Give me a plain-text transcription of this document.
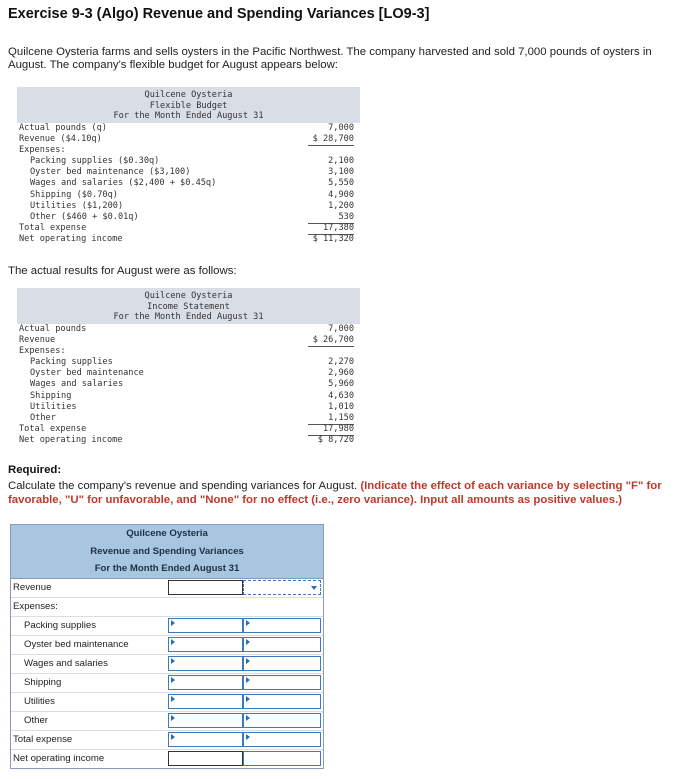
Exercise 9-3 (Algo) Revenue and Spending Variances [LO9-3]
Quilcene Oysteria farms and sells oysters in the Pacific Northwest. The company harvested and sold 7,000 pounds of oysters in August. The company's flexible budget for August appears below:
Quilcene Oysteria
Flexible Budget
For the Month Ended August 31
Actual pounds (q)	7,000
Revenue ($4.10q)	$ 28,700
Expenses:
Packing supplies ($0.30q)	2,100
Oyster bed maintenance ($3,100)	3,100
Wages and salaries ($2,400 + $0.45q)	5,550
Shipping ($0.70q)	4,900
Utilities ($1,200)	1,200
Other ($460 + $0.01q)	530
Total expense	17,380
Net operating income	$ 11,320
The actual results for August were as follows:
Quilcene Oysteria
Income Statement
For the Month Ended August 31
Actual pounds	7,000
Revenue	$ 26,700
Expenses:
Packing supplies	2,270
Oyster bed maintenance	2,960
Wages and salaries	5,960
Shipping	4,630
Utilities	1,010
Other	1,150
Total expense	17,980
Net operating income	$ 8,720
Required:
Calculate the company's revenue and spending variances for August. (Indicate the effect of each variance by selecting "F" for favorable, "U" for unfavorable, and "None" for no effect (i.e., zero variance). Input all amounts as positive values.)
Quilcene Oysteria
Revenue and Spending Variances
For the Month Ended August 31
Revenue
Expenses:
Packing supplies
Oyster bed maintenance
Wages and salaries
Shipping
Utilities
Other
Total expense
Net operating income
